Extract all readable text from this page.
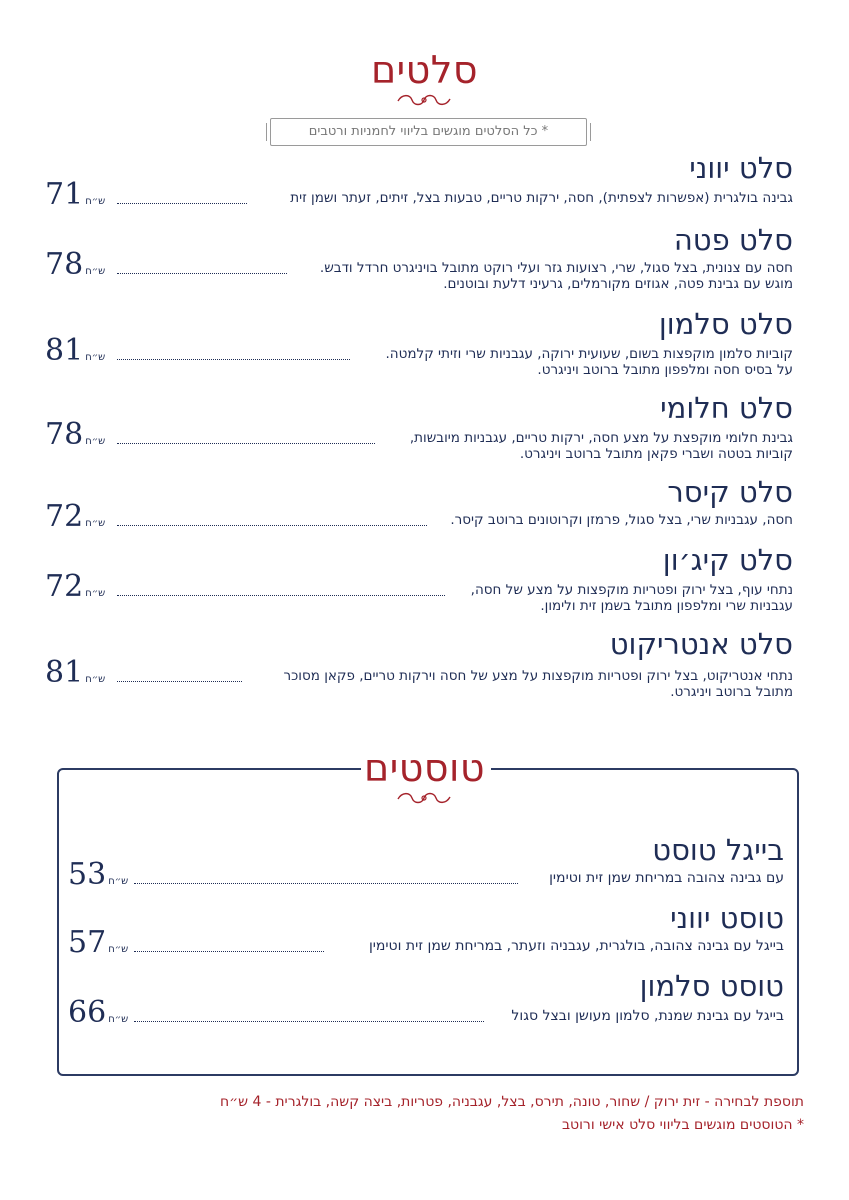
סלטים
* כל הסלטים מוגשים בליווי לחמניות ורטבים
סלט יווני
ש״ח71	גבינה בולגרית (אפשרות לצפתית), חסה, ירקות טריים, טבעות בצל, זיתים, זעתר ושמן זית
סלט פטה
ש״ח78	חסה עם צנונית, בצל סגול, שרי, רצועות גזר ועלי רוקט מתובל בויניגרט חרדל ודבש.
מוגש עם גבינת פטה, אגוזים מקורמלים, גרעיני דלעת ובוטנים.
סלט סלמון
ש״ח81	קוביות סלמון מוקפצות בשום, שעועית ירוקה, עגבניות שרי וזיתי קלמטה.
על בסיס חסה ומלפפון מתובל ברוטב ויניגרט.
סלט חלומי
ש״ח78	גבינת חלומי מוקפצת על מצע חסה, ירקות טריים, עגבניות מיובשות,
קוביות בטטה ושברי פקאן מתובל ברוטב ויניגרט.
סלט קיסר
ש״ח72	חסה, עגבניות שרי, בצל סגול, פרמזן וקרוטונים ברוטב קיסר.
סלט קיג׳ון
ש״ח72	נתחי עוף, בצל ירוק ופטריות מוקפצות על מצע של חסה,
עגבניות שרי ומלפפון מתובל בשמן זית ולימון.
סלט אנטריקוט
ש״ח81	נתחי אנטריקוט, בצל ירוק ופטריות מוקפצות על מצע של חסה וירקות טריים, פקאן מסוכר
מתובל ברוטב ויניגרט.
טוסטים
בייגל טוסט
ש״ח53	עם גבינה צהובה במריחת שמן זית וטימין
טוסט יווני
ש״ח57	בייגל עם גבינה צהובה, בולגרית, עגבניה וזעתר, במריחת שמן זית וטימין
טוסט סלמון
ש״ח66	בייגל עם גבינת שמנת, סלמון מעושן ובצל סגול
תוספת לבחירה - זית ירוק / שחור, טונה, תירס, בצל, עגבניה, פטריות, ביצה קשה, בולגרית - 4 ש״ח
* הטוסטים מוגשים בליווי סלט אישי ורוטב
